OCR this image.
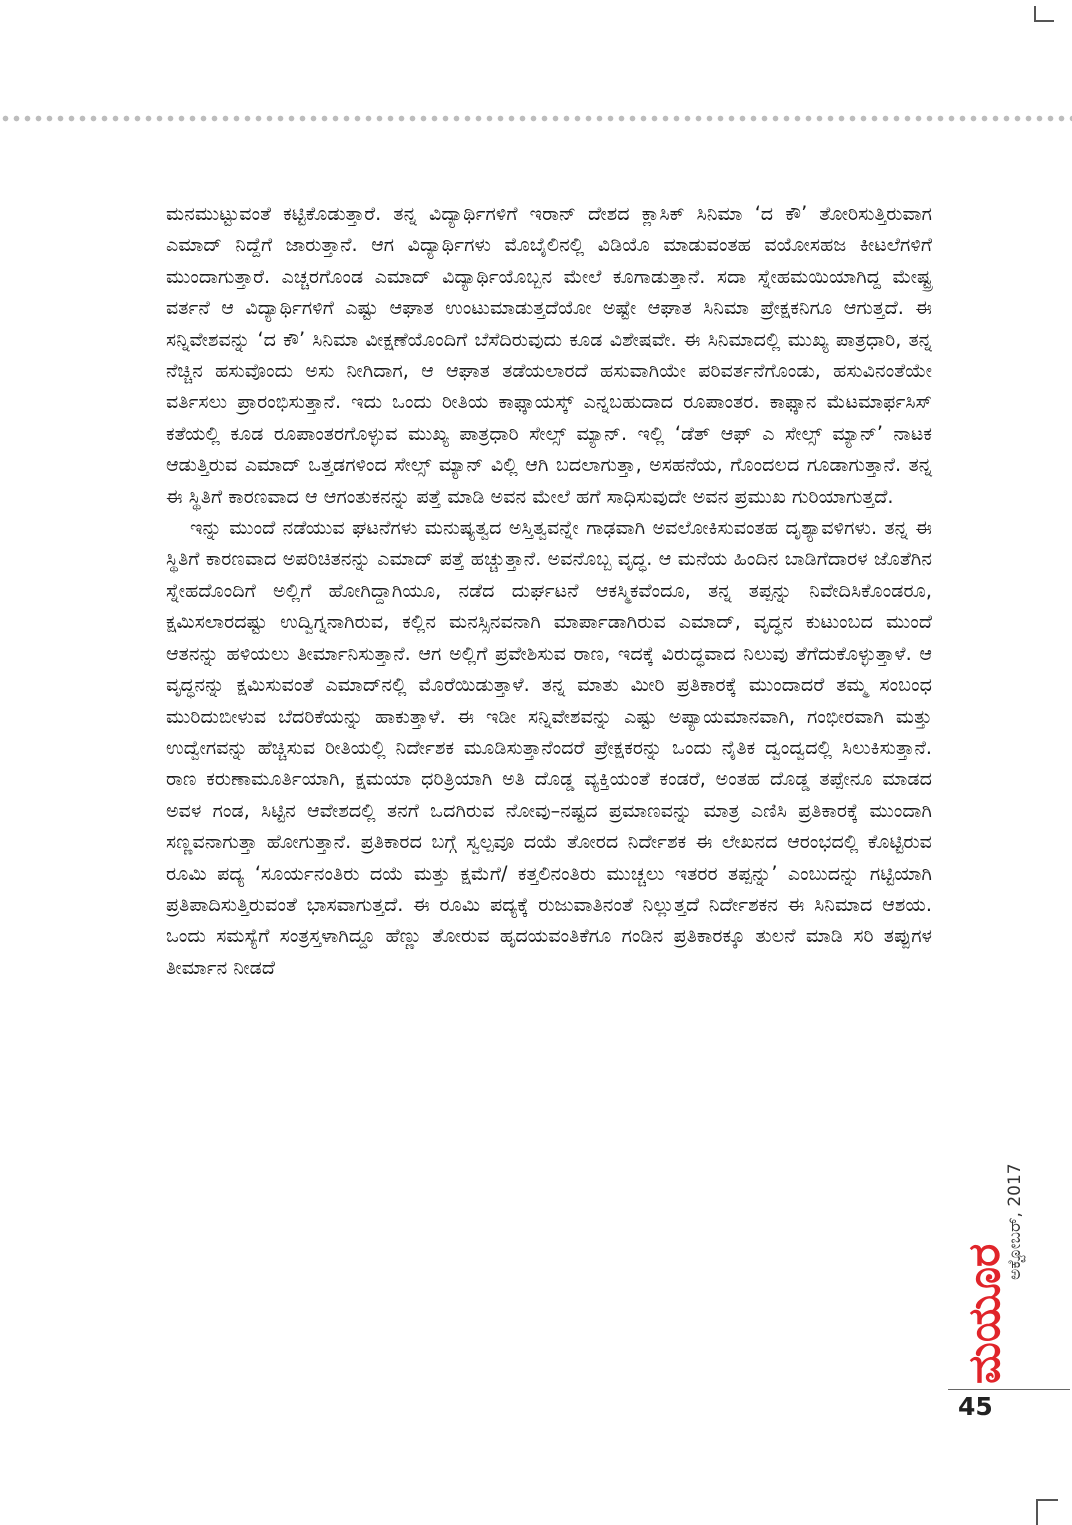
ಮನಮುಟ್ಟುವಂತೆ ಕಟ್ಟಿಕೊಡುತ್ತಾರೆ. ತನ್ನ ವಿದ್ಯಾರ್ಥಿಗಳಿಗೆ ಇರಾನ್ ದೇಶದ ಕ್ಲಾಸಿಕ್ ಸಿನಿಮಾ ‘ದ ಕೌ’ ತೋರಿಸುತ್ತಿರುವಾಗ ಎಮಾದ್ ನಿದ್ದೆಗೆ ಜಾರುತ್ತಾನೆ. ಆಗ ವಿದ್ಯಾರ್ಥಿಗಳು ಮೊಬೈಲಿನಲ್ಲಿ ವಿಡಿಯೊ ಮಾಡುವಂತಹ ವಯೋಸಹಜ ಕೀಟಲೆಗಳಿಗೆ ಮುಂದಾಗುತ್ತಾರೆ. ಎಚ್ಚರಗೊಂಡ ಎಮಾದ್ ವಿದ್ಯಾರ್ಥಿಯೊಬ್ಬನ ಮೇಲೆ ಕೂಗಾಡುತ್ತಾನೆ. ಸದಾ ಸ್ನೇಹಮಯಿಯಾಗಿದ್ದ ಮೇಷ್ಟ್ರ ವರ್ತನೆ ಆ ವಿದ್ಯಾರ್ಥಿಗಳಿಗೆ ಎಷ್ಟು ಆಘಾತ ಉಂಟುಮಾಡುತ್ತದೆಯೋ ಅಷ್ಟೇ ಆಘಾತ ಸಿನಿಮಾ ಪ್ರೇಕ್ಷಕನಿಗೂ ಆಗುತ್ತದೆ. ಈ ಸನ್ನಿವೇಶವನ್ನು ‘ದ ಕೌ’ ಸಿನಿಮಾ ವೀಕ್ಷಣೆಯೊಂದಿಗೆ ಬೆಸೆದಿರುವುದು ಕೂಡ ವಿಶೇಷವೇ. ಈ ಸಿನಿಮಾದಲ್ಲಿ ಮುಖ್ಯ ಪಾತ್ರಧಾರಿ, ತನ್ನ ನೆಚ್ಚಿನ ಹಸುವೊಂದು ಅಸು ನೀಗಿದಾಗ, ಆ ಆಘಾತ ತಡೆಯಲಾರದೆ ಹಸುವಾಗಿಯೇ ಪರಿವರ್ತನೆಗೊಂಡು, ಹಸುವಿನಂತೆಯೇ ವರ್ತಿಸಲು ಪ್ರಾರಂಭಿಸುತ್ತಾನೆ. ಇದು ಒಂದು ರೀತಿಯ ಕಾಫ್ಕಾಯಸ್ಕ್ ಎನ್ನಬಹುದಾದ ರೂಪಾಂತರ. ಕಾಫ್ಕಾನ ಮೆಟಮಾರ್ಫಸಿಸ್ ಕತೆಯಲ್ಲಿ ಕೂಡ ರೂಪಾಂತರಗೊಳ್ಳುವ ಮುಖ್ಯ ಪಾತ್ರಧಾರಿ ಸೇಲ್ಸ್ ಮ್ಯಾನ್. ಇಲ್ಲಿ ‘ಡೆತ್ ಆಫ್ ಎ ಸೇಲ್ಸ್ ಮ್ಯಾನ್’ ನಾಟಕ ಆಡುತ್ತಿರುವ ಎಮಾದ್ ಒತ್ತಡಗಳಿಂದ ಸೇಲ್ಸ್ ಮ್ಯಾನ್ ವಿಲ್ಲಿ ಆಗಿ ಬದಲಾಗುತ್ತಾ, ಅಸಹನೆಯ, ಗೊಂದಲದ ಗೂಡಾಗುತ್ತಾನೆ. ತನ್ನ ಈ ಸ್ಥಿತಿಗೆ ಕಾರಣವಾದ ಆ ಆಗಂತುಕನನ್ನು ಪತ್ತೆ ಮಾಡಿ ಅವನ ಮೇಲೆ ಹಗೆ ಸಾಧಿಸುವುದೇ ಅವನ ಪ್ರಮುಖ ಗುರಿಯಾಗುತ್ತದೆ.

ಇನ್ನು ಮುಂದೆ ನಡೆಯುವ ಘಟನೆಗಳು ಮನುಷ್ಯತ್ವದ ಅಸ್ತಿತ್ವವನ್ನೇ ಗಾಢವಾಗಿ ಅವಲೋಕಿಸುವಂತಹ ದೃಶ್ಯಾವಳಿಗಳು. ತನ್ನ ಈ ಸ್ಥಿತಿಗೆ ಕಾರಣವಾದ ಅಪರಿಚಿತನನ್ನು ಎಮಾದ್ ಪತ್ತೆ ಹಚ್ಚುತ್ತಾನೆ. ಅವನೊಬ್ಬ ವೃದ್ಧ. ಆ ಮನೆಯ ಹಿಂದಿನ ಬಾಡಿಗೆದಾರಳ ಜೊತೆಗಿನ ಸ್ನೇಹದೊಂದಿಗೆ ಅಲ್ಲಿಗೆ ಹೋಗಿದ್ದಾಗಿಯೂ, ನಡೆದ ದುರ್ಘಟನೆ ಆಕಸ್ಮಿಕವೆಂದೂ, ತನ್ನ ತಪ್ಪನ್ನು ನಿವೇದಿಸಿಕೊಂಡರೂ, ಕ್ಷಮಿಸಲಾರದಷ್ಟು ಉದ್ವಿಗ್ನನಾಗಿರುವ, ಕಲ್ಲಿನ ಮನಸ್ಸಿನವನಾಗಿ ಮಾರ್ಪಾಡಾಗಿರುವ ಎಮಾದ್, ವೃದ್ಧನ ಕುಟುಂಬದ ಮುಂದೆ ಆತನನ್ನು ಹಳಿಯಲು ತೀರ್ಮಾನಿಸುತ್ತಾನೆ. ಆಗ ಅಲ್ಲಿಗೆ ಪ್ರವೇಶಿಸುವ ರಾಣ, ಇದಕ್ಕೆ ವಿರುದ್ಧವಾದ ನಿಲುವು ತೆಗೆದುಕೊಳ್ಳುತ್ತಾಳೆ. ಆ ವೃದ್ಧನನ್ನು ಕ್ಷಮಿಸುವಂತೆ ಎಮಾದ್‌ನಲ್ಲಿ ಮೊರೆಯಿಡುತ್ತಾಳೆ. ತನ್ನ ಮಾತು ಮೀರಿ ಪ್ರತಿಕಾರಕ್ಕೆ ಮುಂದಾದರೆ ತಮ್ಮ ಸಂಬಂಧ ಮುರಿದುಬೀಳುವ ಬೆದರಿಕೆಯನ್ನು ಹಾಕುತ್ತಾಳೆ. ಈ ಇಡೀ ಸನ್ನಿವೇಶವನ್ನು ಎಷ್ಟು ಅಪ್ಯಾಯಮಾನವಾಗಿ, ಗಂಭೀರವಾಗಿ ಮತ್ತು ಉದ್ವೇಗವನ್ನು ಹೆಚ್ಚಿಸುವ ರೀತಿಯಲ್ಲಿ ನಿರ್ದೇಶಕ ಮೂಡಿಸುತ್ತಾನೆಂದರೆ ಪ್ರೇಕ್ಷಕರನ್ನು ಒಂದು ನೈತಿಕ ದ್ವಂದ್ವದಲ್ಲಿ ಸಿಲುಕಿಸುತ್ತಾನೆ. ರಾಣ ಕರುಣಾಮೂರ್ತಿಯಾಗಿ, ಕ್ಷಮಯಾ ಧರಿತ್ರಿಯಾಗಿ ಅತಿ ದೊಡ್ಡ ವ್ಯಕ್ತಿಯಂತೆ ಕಂಡರೆ, ಅಂತಹ ದೊಡ್ಡ ತಪ್ಪೇನೂ ಮಾಡದ ಅವಳ ಗಂಡ, ಸಿಟ್ಟಿನ ಆವೇಶದಲ್ಲಿ ತನಗೆ ಒದಗಿರುವ ನೋವು–ನಷ್ಟದ ಪ್ರಮಾಣವನ್ನು ಮಾತ್ರ ಎಣಿಸಿ ಪ್ರತಿಕಾರಕ್ಕೆ ಮುಂದಾಗಿ ಸಣ್ಣವನಾಗುತ್ತಾ ಹೋಗುತ್ತಾನೆ. ಪ್ರತಿಕಾರದ ಬಗ್ಗೆ ಸ್ವಲ್ಪವೂ ದಯೆ ತೋರದ ನಿರ್ದೇಶಕ ಈ ಲೇಖನದ ಆರಂಭದಲ್ಲಿ ಕೊಟ್ಟಿರುವ ರೂಮಿ ಪದ್ಯ ‘ಸೂರ್ಯನಂತಿರು ದಯೆ ಮತ್ತು ಕ್ಷಮೆಗೆ/ ಕತ್ತಲಿನಂತಿರು ಮುಚ್ಚಲು ಇತರರ ತಪ್ಪನ್ನು’ ಎಂಬುದನ್ನು ಗಟ್ಟಿಯಾಗಿ ಪ್ರತಿಪಾದಿಸುತ್ತಿರುವಂತೆ ಭಾಸವಾಗುತ್ತದೆ. ಈ ರೂಮಿ ಪದ್ಯಕ್ಕೆ ರುಜುವಾತಿನಂತೆ ನಿಲ್ಲುತ್ತದೆ ನಿರ್ದೇಶಕನ ಈ ಸಿನಿಮಾದ ಆಶಯ. ಒಂದು ಸಮಸ್ಯೆಗೆ ಸಂತ್ರಸ್ತಳಾಗಿದ್ದೂ ಹೆಣ್ಣು ತೋರುವ ಹೃದಯವಂತಿಕೆಗೂ ಗಂಡಿನ ಪ್ರತಿಕಾರಕ್ಕೂ ತುಲನೆ ಮಾಡಿ ಸರಿ ತಪ್ಪುಗಳ ತೀರ್ಮಾನ ನೀಡದೆ

ಅಕ್ಟೋಬರ್, 2017
ಮಯೂರ
45
